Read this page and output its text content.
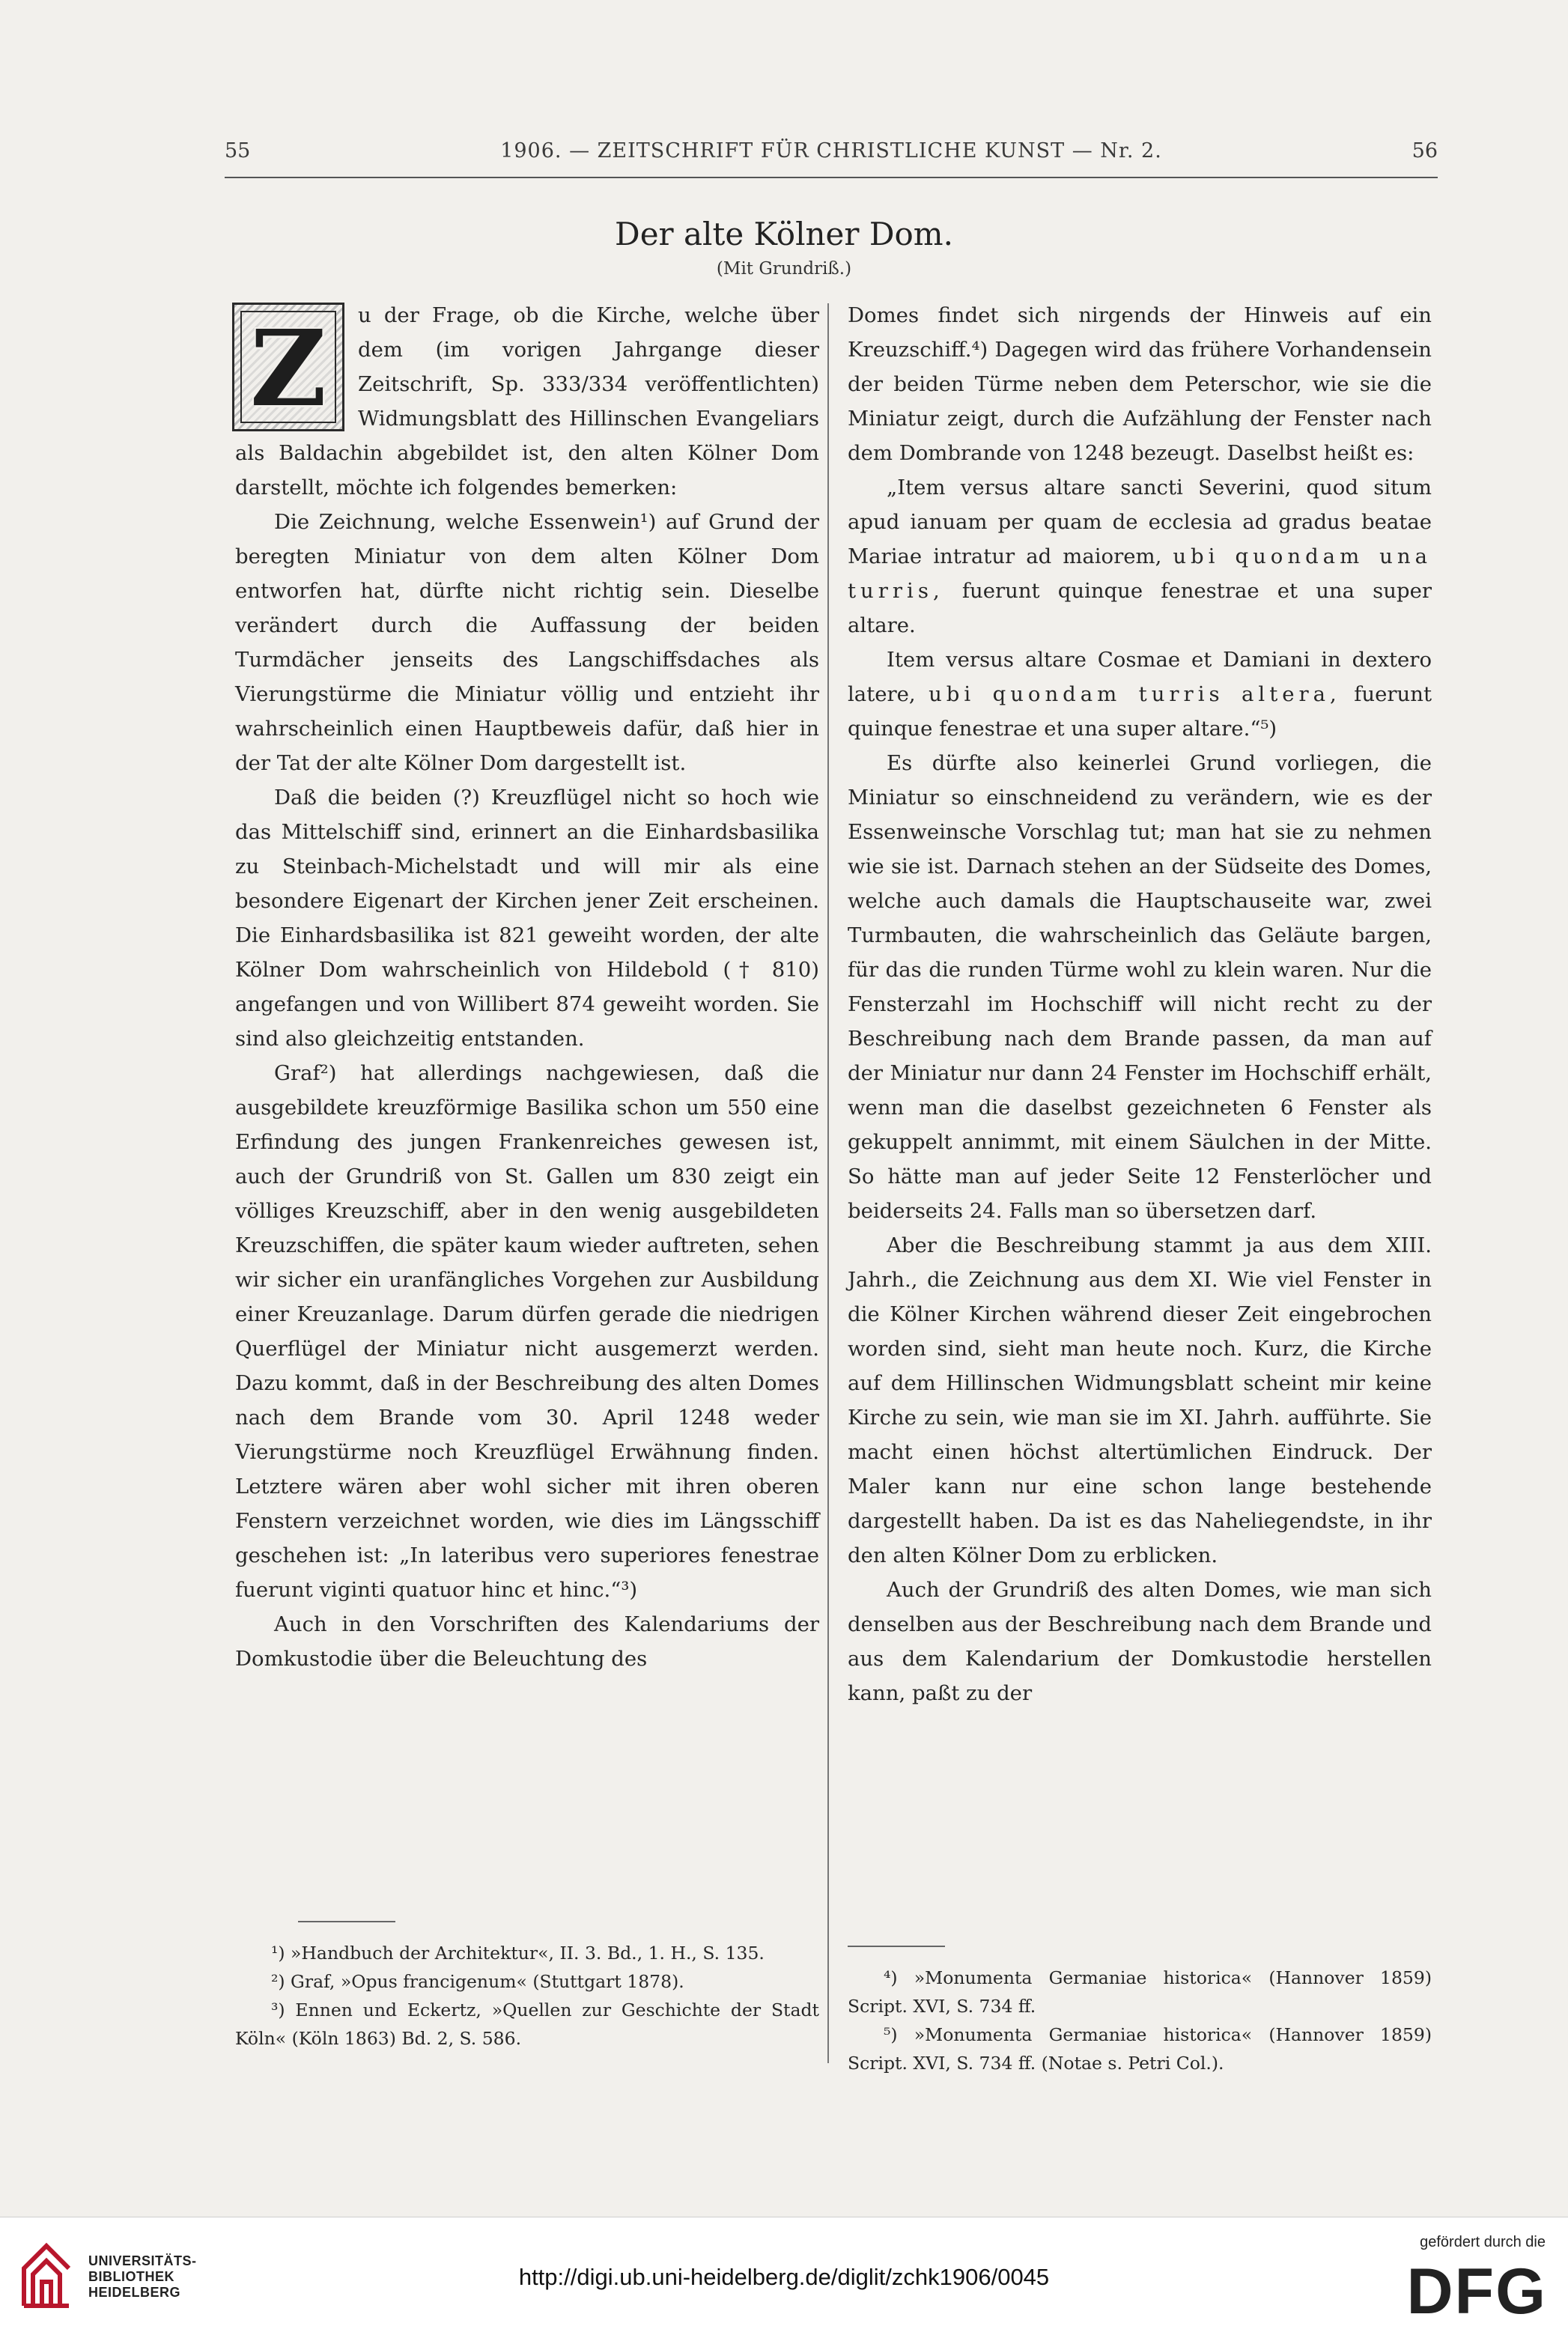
55	1906. — ZEITSCHRIFT FÜR CHRISTLICHE KUNST — Nr. 2.	56
Der alte Kölner Dom.
(Mit Grundriß.)

Z	u der Frage, ob die Kirche, welche über dem (im vorigen Jahrgange dieser Zeitschrift, Sp. 333/334 veröffentlichten) Widmungsblatt des Hillinschen Evangeliars als Baldachin abgebildet ist, den alten Kölner Dom darstellt, möchte ich folgendes bemerken:

Die Zeichnung, welche Essenwein¹) auf Grund der beregten Miniatur von dem alten Kölner Dom entworfen hat, dürfte nicht richtig sein. Dieselbe verändert durch die Auffassung der beiden Turmdächer jenseits des Langschiffsdaches als Vierungstürme die Miniatur völlig und entzieht ihr wahrscheinlich einen Hauptbeweis dafür, daß hier in der Tat der alte Kölner Dom dargestellt ist.

Daß die beiden (?) Kreuzflügel nicht so hoch wie das Mittelschiff sind, erinnert an die Einhardsbasilika zu Steinbach-Michelstadt und will mir als eine besondere Eigenart der Kirchen jener Zeit erscheinen. Die Einhardsbasilika ist 821 geweiht worden, der alte Kölner Dom wahrscheinlich von Hildebold († 810) angefangen und von Willibert 874 geweiht worden. Sie sind also gleichzeitig entstanden.

Graf²) hat allerdings nachgewiesen, daß die ausgebildete kreuzförmige Basilika schon um 550 eine Erfindung des jungen Frankenreiches gewesen ist, auch der Grundriß von St. Gallen um 830 zeigt ein völliges Kreuzschiff, aber in den wenig ausgebildeten Kreuzschiffen, die später kaum wieder auftreten, sehen wir sicher ein uranfängliches Vorgehen zur Ausbildung einer Kreuzanlage. Darum dürfen gerade die niedrigen Querflügel der Miniatur nicht ausgemerzt werden. Dazu kommt, daß in der Beschreibung des alten Domes nach dem Brande vom 30. April 1248 weder Vierungstürme noch Kreuzflügel Erwähnung finden. Letztere wären aber wohl sicher mit ihren oberen Fenstern verzeichnet worden, wie dies im Längsschiff geschehen ist: „In lateribus vero superiores fenestrae fuerunt viginti quatuor hinc et hinc.“³)

Auch in den Vorschriften des Kalendariums der Domkustodie über die Beleuchtung des

Domes findet sich nirgends der Hinweis auf ein Kreuzschiff.⁴) Dagegen wird das frühere Vorhandensein der beiden Türme neben dem Peterschor, wie sie die Miniatur zeigt, durch die Aufzählung der Fenster nach dem Dombrande von 1248 bezeugt. Daselbst heißt es:

„Item versus altare sancti Severini, quod situm apud ianuam per quam de ecclesia ad gradus beatae Mariae intratur ad maiorem, ubi quondam una turris, fuerunt quinque fenestrae et una super altare.

Item versus altare Cosmae et Damiani in dextero latere, ubi quondam turris altera, fuerunt quinque fenestrae et una super altare.“⁵)

Es dürfte also keinerlei Grund vorliegen, die Miniatur so einschneidend zu verändern, wie es der Essenweinsche Vorschlag tut; man hat sie zu nehmen wie sie ist. Darnach stehen an der Südseite des Domes, welche auch damals die Hauptschauseite war, zwei Turmbauten, die wahrscheinlich das Geläute bargen, für das die runden Türme wohl zu klein waren. Nur die Fensterzahl im Hochschiff will nicht recht zu der Beschreibung nach dem Brande passen, da man auf der Miniatur nur dann 24 Fenster im Hochschiff erhält, wenn man die daselbst gezeichneten 6 Fenster als gekuppelt annimmt, mit einem Säulchen in der Mitte. So hätte man auf jeder Seite 12 Fensterlöcher und beiderseits 24. Falls man so übersetzen darf.

Aber die Beschreibung stammt ja aus dem XIII. Jahrh., die Zeichnung aus dem XI. Wie viel Fenster in die Kölner Kirchen während dieser Zeit eingebrochen worden sind, sieht man heute noch. Kurz, die Kirche auf dem Hillinschen Widmungsblatt scheint mir keine Kirche zu sein, wie man sie im XI. Jahrh. aufführte. Sie macht einen höchst altertümlichen Eindruck. Der Maler kann nur eine schon lange bestehende dargestellt haben. Da ist es das Naheliegendste, in ihr den alten Kölner Dom zu erblicken.

Auch der Grundriß des alten Domes, wie man sich denselben aus der Beschreibung nach dem Brande und aus dem Kalendarium der Domkustodie herstellen kann, paßt zu der

¹) »Handbuch der Architektur«, II. 3. Bd., 1. H., S. 135.

²) Graf, »Opus francigenum« (Stuttgart 1878).

³) Ennen und Eckertz, »Quellen zur Geschichte der Stadt Köln« (Köln 1863) Bd. 2, S. 586.

⁴) »Monumenta Germaniae historica« (Hannover 1859) Script. XVI, S. 734 ff.

⁵) »Monumenta Germaniae historica« (Hannover 1859) Script. XVI, S. 734 ff. (Notae s. Petri Col.).

UNIVERSITÄTS-
BIBLIOTHEK
HEIDELBERG
http://digi.ub.uni-heidelberg.de/diglit/zchk1906/0045
gefördert durch die
DFG
